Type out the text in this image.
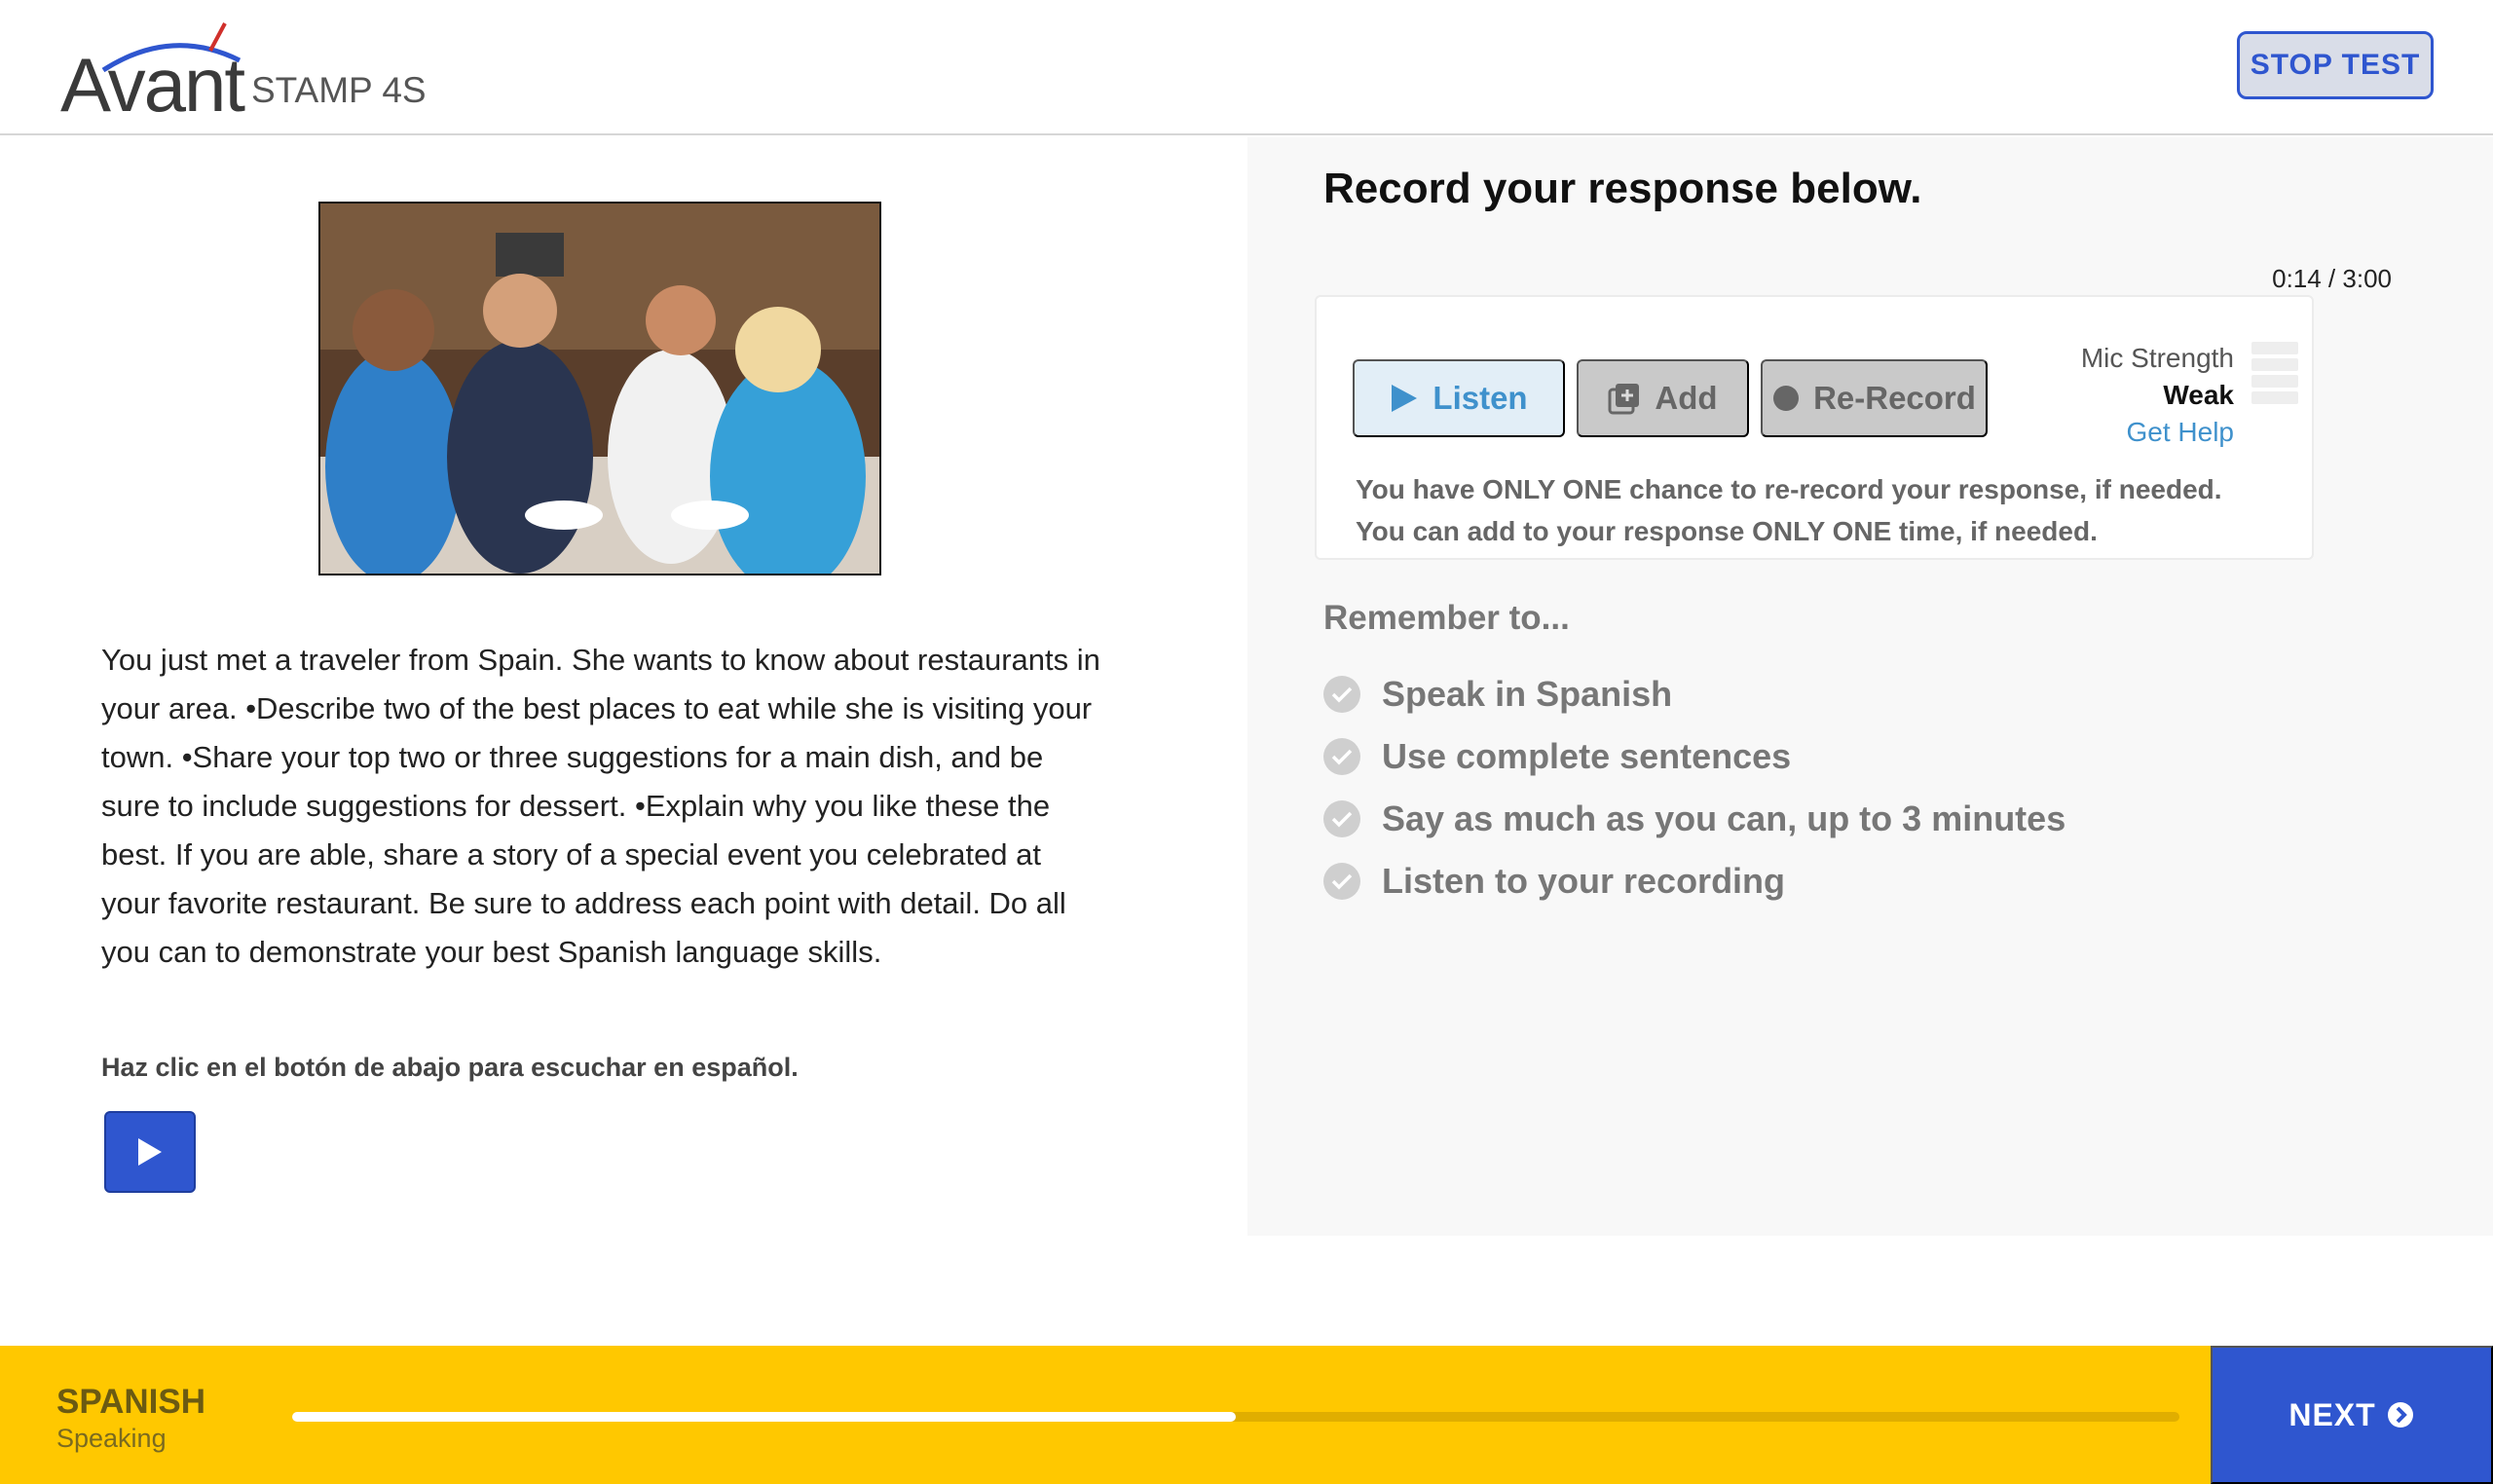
Avant STAMP 4S
STOP TEST

You just met a traveler from Spain. She wants to know about restaurants in your area. •Describe two of the best places to eat while she is visiting your town. •Share your top two or three suggestions for a main dish, and be sure to include suggestions for dessert. •Explain why you like these the best. If you are able, share a story of a special event you celebrated at your favorite restaurant. Be sure to address each point with detail. Do all you can to demonstrate your best Spanish language skills.

Haz clic en el botón de abajo para escuchar en español.

Record your response below.
0:14 / 3:00
Listen	Add	Re-Record
Mic Strength
Weak
Get Help
You have ONLY ONE chance to re-record your response, if needed.
You can add to your response ONLY ONE time, if needed.
Remember to...
Speak in Spanish
Use complete sentences
Say as much as you can, up to 3 minutes
Listen to your recording
SPANISH
Speaking
NEXT
